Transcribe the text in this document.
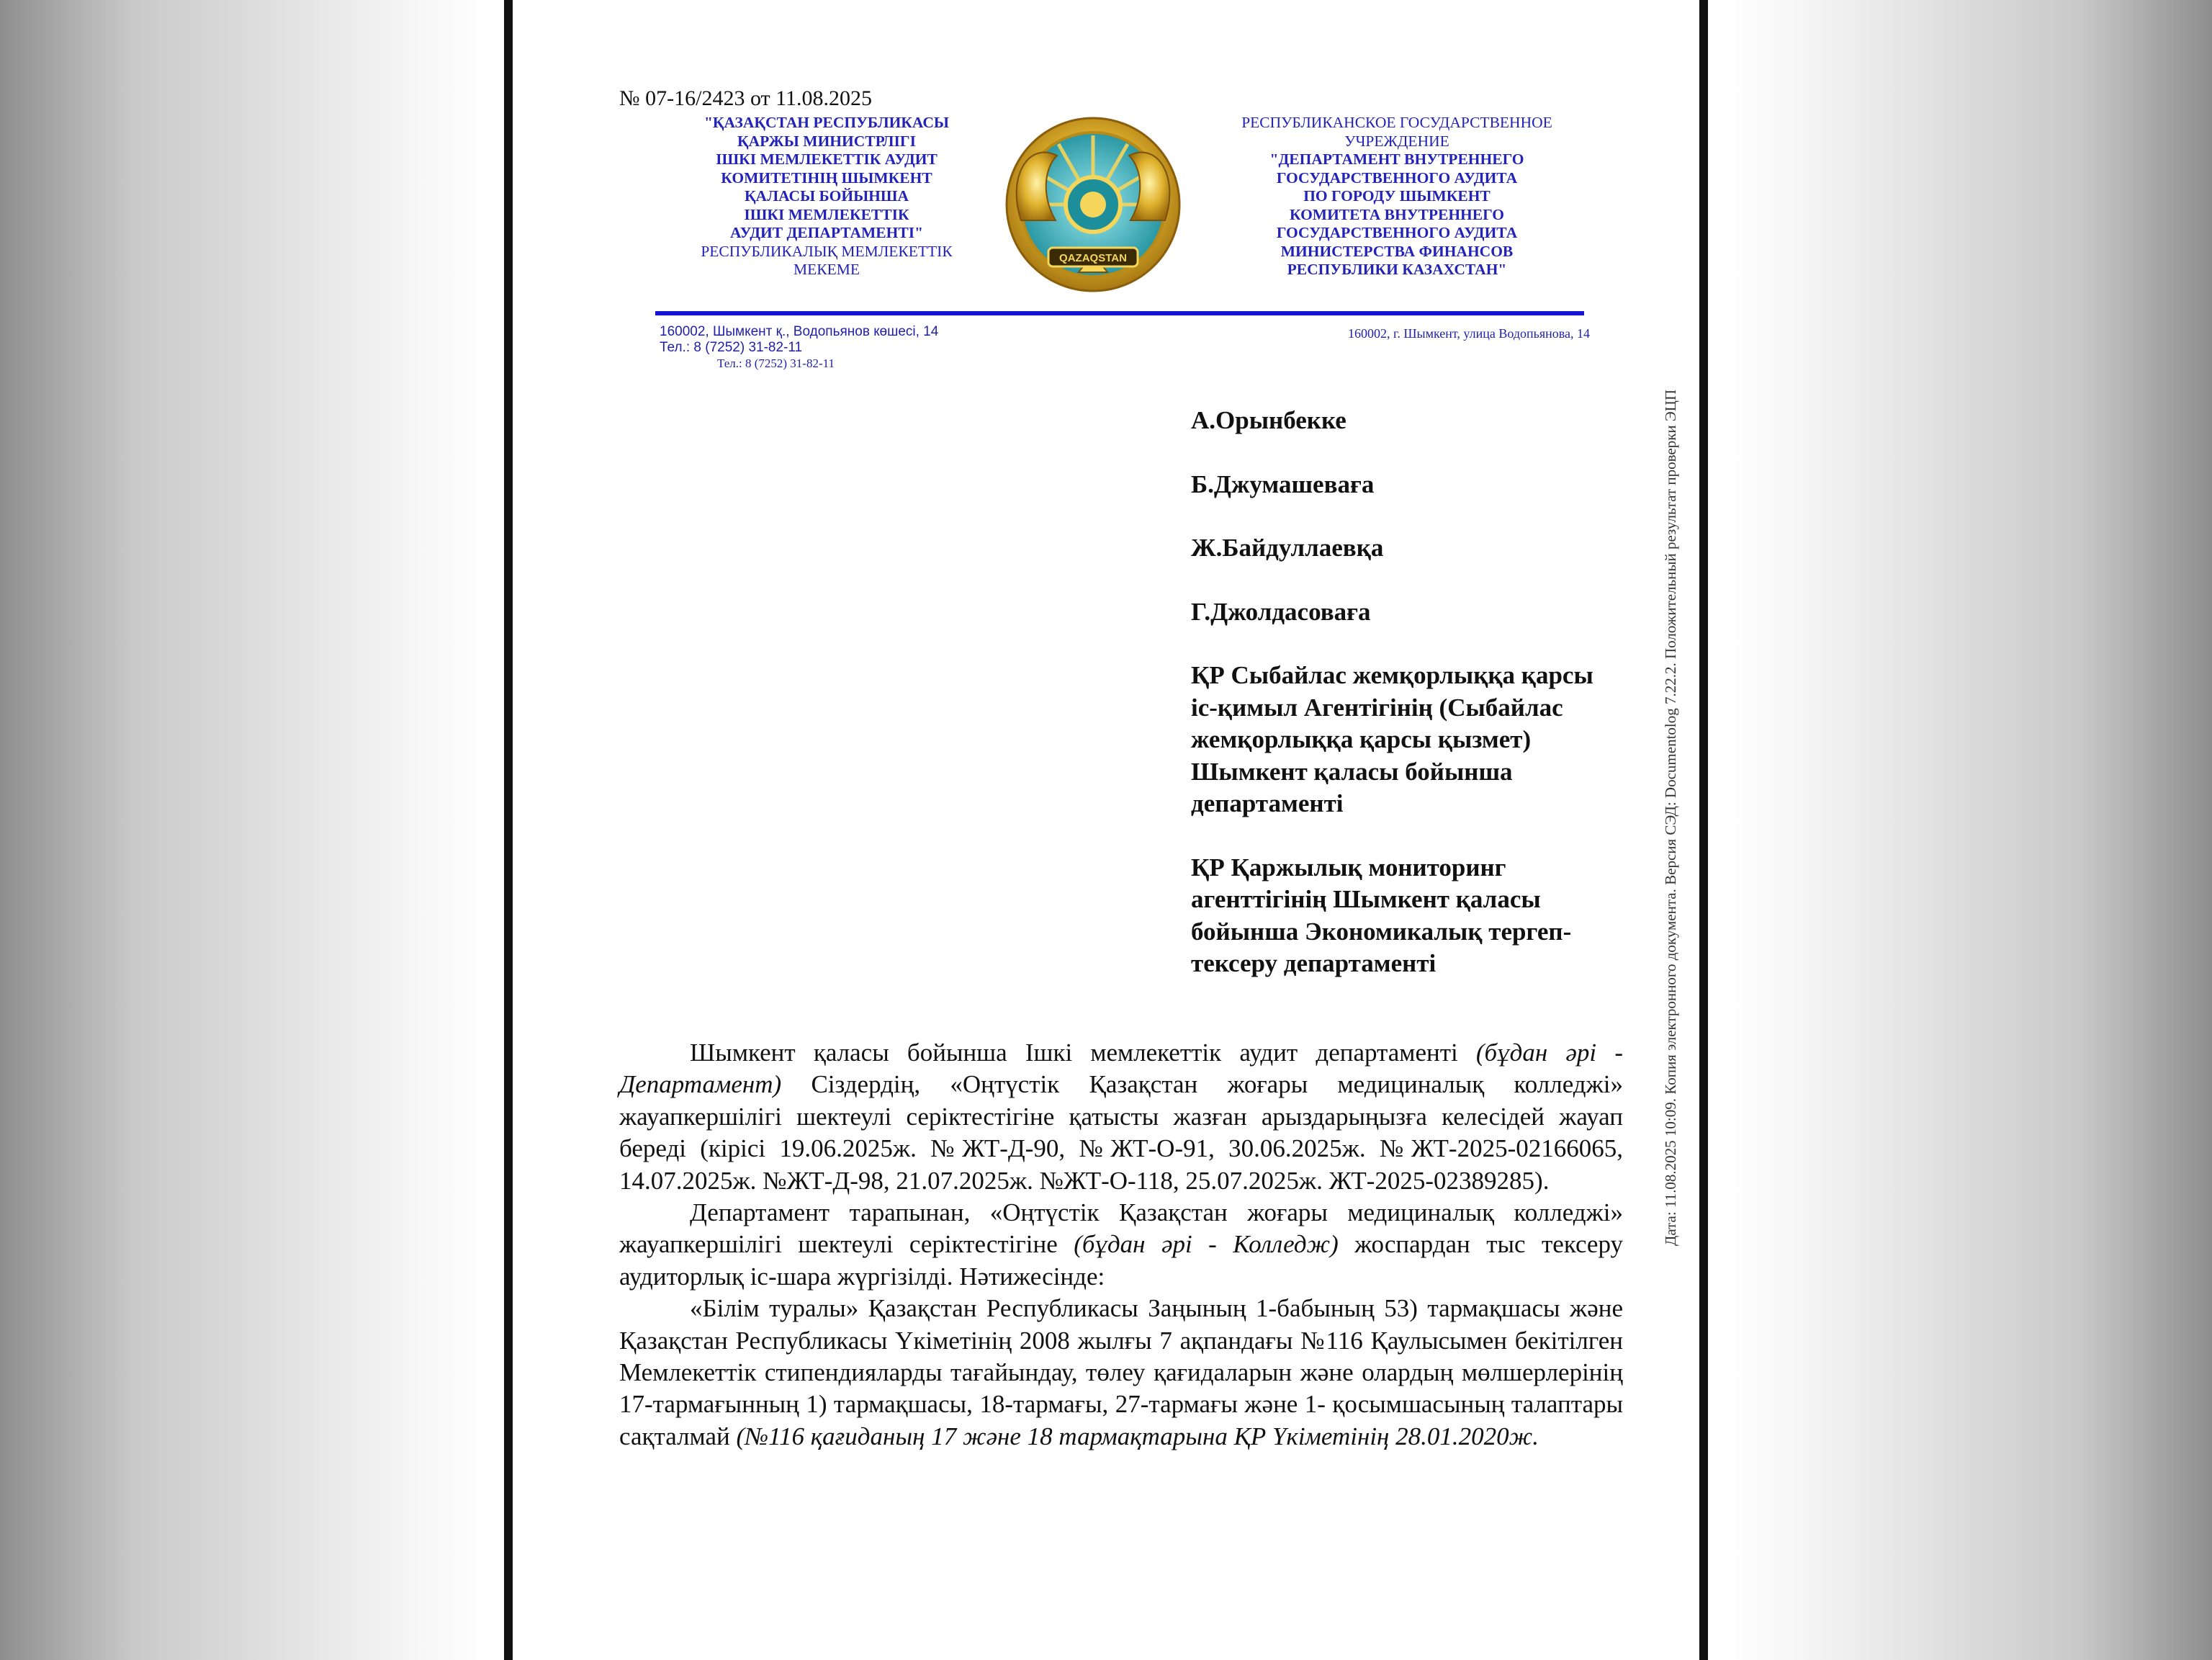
№ 07-16/2423 от 11.08.2025
"ҚАЗАҚСТАН РЕСПУБЛИКАСЫ
ҚАРЖЫ МИНИСТРЛІГІ
ІШКІ МЕМЛЕКЕТТІК АУДИТ
КОМИТЕТІНІҢ ШЫМКЕНТ
ҚАЛАСЫ БОЙЫНША
ІШКІ МЕМЛЕКЕТТІК
АУДИТ ДЕПАРТАМЕНТІ"
РЕСПУБЛИКАЛЫҚ МЕМЛЕКЕТТІК
МЕКЕМЕ
QAZAQSTAN
РЕСПУБЛИКАНСКОЕ ГОСУДАРСТВЕННОЕ
УЧРЕЖДЕНИЕ
"ДЕПАРТАМЕНТ ВНУТРЕННЕГО
ГОСУДАРСТВЕННОГО АУДИТА
ПО ГОРОДУ ШЫМКЕНТ
КОМИТЕТА ВНУТРЕННЕГО
ГОСУДАРСТВЕННОГО АУДИТА
МИНИСТЕРСТВА ФИНАНСОВ
РЕСПУБЛИКИ КАЗАХСТАН"
160002, Шымкент қ., Водопьянов көшесі, 14
Тел.: 8 (7252) 31-82-11
Тел.: 8 (7252) 31-82-11
160002, г. Шымкент, улица Водопьянова, 14

А.Орынбекке

Б.Джумашеваға

Ж.Байдуллаевқа

Г.Джолдасоваға

ҚР Сыбайлас жемқорлыққа қарсы іс-қимыл Агентігінің (Сыбайлас жемқорлыққа қарсы қызмет) Шымкент қаласы бойынша департаменті

ҚР Қаржылық мониторинг агенттігінің Шымкент қаласы бойынша Экономикалық тергеп-тексеру департаменті

Шымкент қаласы бойынша Ішкі мемлекеттік аудит департаменті (бұдан әрі - Департамент) Сіздердің, «Оңтүстік Қазақстан жоғары медициналық колледжі» жауапкершілігі шектеулі серіктестігіне қатысты жазған арыздарыңызға келесідей жауап береді (кірісі 19.06.2025ж. №ЖТ-Д-90, №ЖТ-О-91, 30.06.2025ж. №ЖТ-2025-02166065, 14.07.2025ж. №ЖТ-Д-98, 21.07.2025ж. №ЖТ-О-118, 25.07.2025ж. ЖТ-2025-02389285).

Департамент тарапынан, «Оңтүстік Қазақстан жоғары медициналық колледжі» жауапкершілігі шектеулі серіктестігіне (бұдан әрі - Колледж) жоспардан тыс тексеру аудиторлық іс-шара жүргізілді. Нәтижесінде:

«Білім туралы» Қазақстан Республикасы Заңының 1-бабының 53) тармақшасы және Қазақстан Республикасы Үкіметінің 2008 жылғы 7 ақпандағы №116 Қаулысымен бекітілген Мемлекеттік стипендияларды тағайындау, төлеу қағидаларын және олардың мөлшерлерінің 17-тармағынның 1) тармақшасы, 18-тармағы, 27-тармағы және 1- қосымшасының талаптары сақталмай (№116 қағиданың 17 және 18 тармақтарына ҚР Үкіметінің 28.01.2020ж.

Дата: 11.08.2025 10:09. Копия электронного документа. Версия СЭД: Documentolog 7.22.2. Положительный результат проверки ЭЦП
